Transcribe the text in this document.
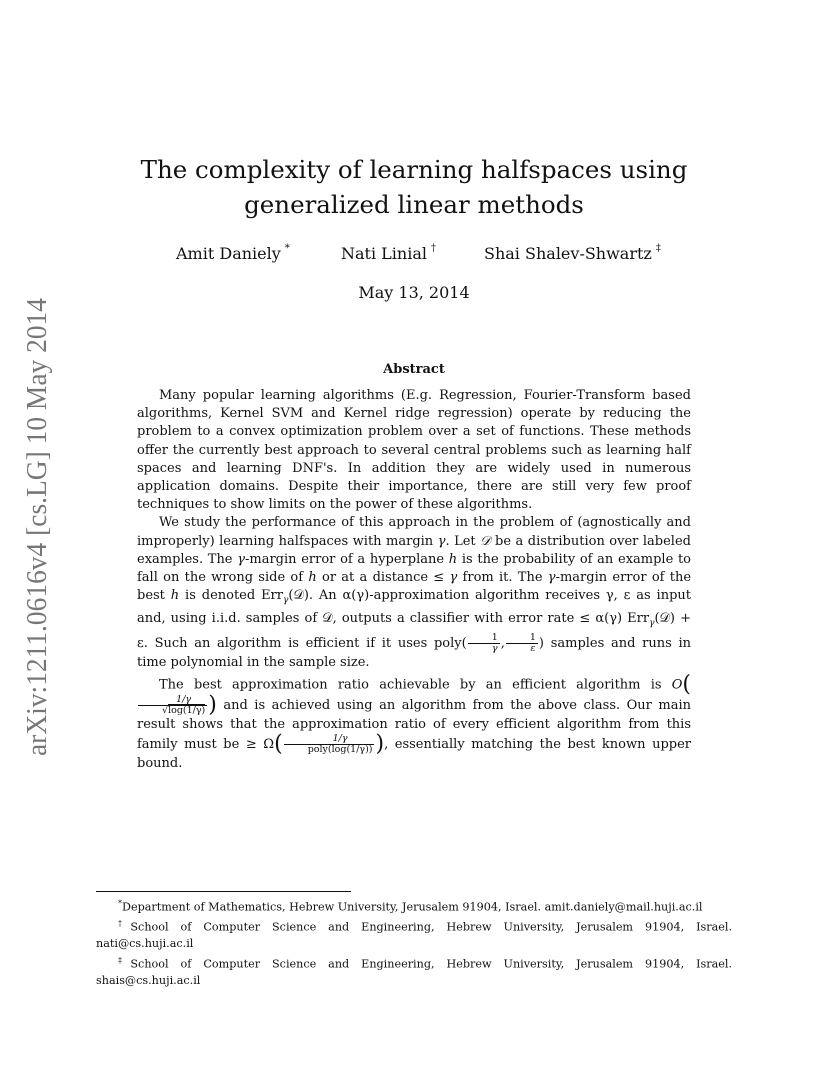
arXiv:1211.0616v4 [cs.LG] 10 May 2014
The complexity of learning halfspaces using generalized linear methods
Amit Daniely *	Nati Linial †	Shai Shalev-Shwartz ‡
May 13, 2014
Abstract

Many popular learning algorithms (E.g. Regression, Fourier-Transform based algorithms, Kernel SVM and Kernel ridge regression) operate by reducing the problem to a convex optimization problem over a set of functions. These methods offer the currently best approach to several central problems such as learning half spaces and learning DNF's. In addition they are widely used in numerous application domains. Despite their importance, there are still very few proof techniques to show limits on the power of these algorithms.

We study the performance of this approach in the problem of (agnostically and improperly) learning halfspaces with margin γ. Let 𝒟 be a distribution over labeled examples. The γ-margin error of a hyperplane h is the probability of an example to fall on the wrong side of h or at a distance ≤ γ from it. The γ-margin error of the best h is denoted Err$_\gamma$(𝒟). An α(γ)-approximation algorithm receives γ, ε as input and, using i.i.d. samples of 𝒟, outputs a classifier with error rate ≤ α(γ) Err$_\gamma$(𝒟) + ε. Such an algorithm is efficient if it uses poly( $\frac{1}{\gamma}$ , $\frac{1}{\varepsilon}$ ) samples and runs in time polynomial in the sample size.

The best approximation ratio achievable by an efficient algorithm is O(
$\frac{1/\gamma}{√\log(1/\gamma)}$ ) and is achieved using an algorithm from the above class. Our main result shows that the approximation ratio of every efficient algorithm from this family must be ≥ $\Omega( \frac{1/\gamma}{\text{poly(log(1/γ))}}$ ), essentially matching the best known upper bound.

*Department of Mathematics, Hebrew University, Jerusalem 91904, Israel. amit.daniely@mail.huji.ac.il

†School of Computer Science and Engineering, Hebrew University, Jerusalem 91904, Israel.

nati@cs.huji.ac.il

‡School of Computer Science and Engineering, Hebrew University, Jerusalem 91904, Israel.

shais@cs.huji.ac.il
